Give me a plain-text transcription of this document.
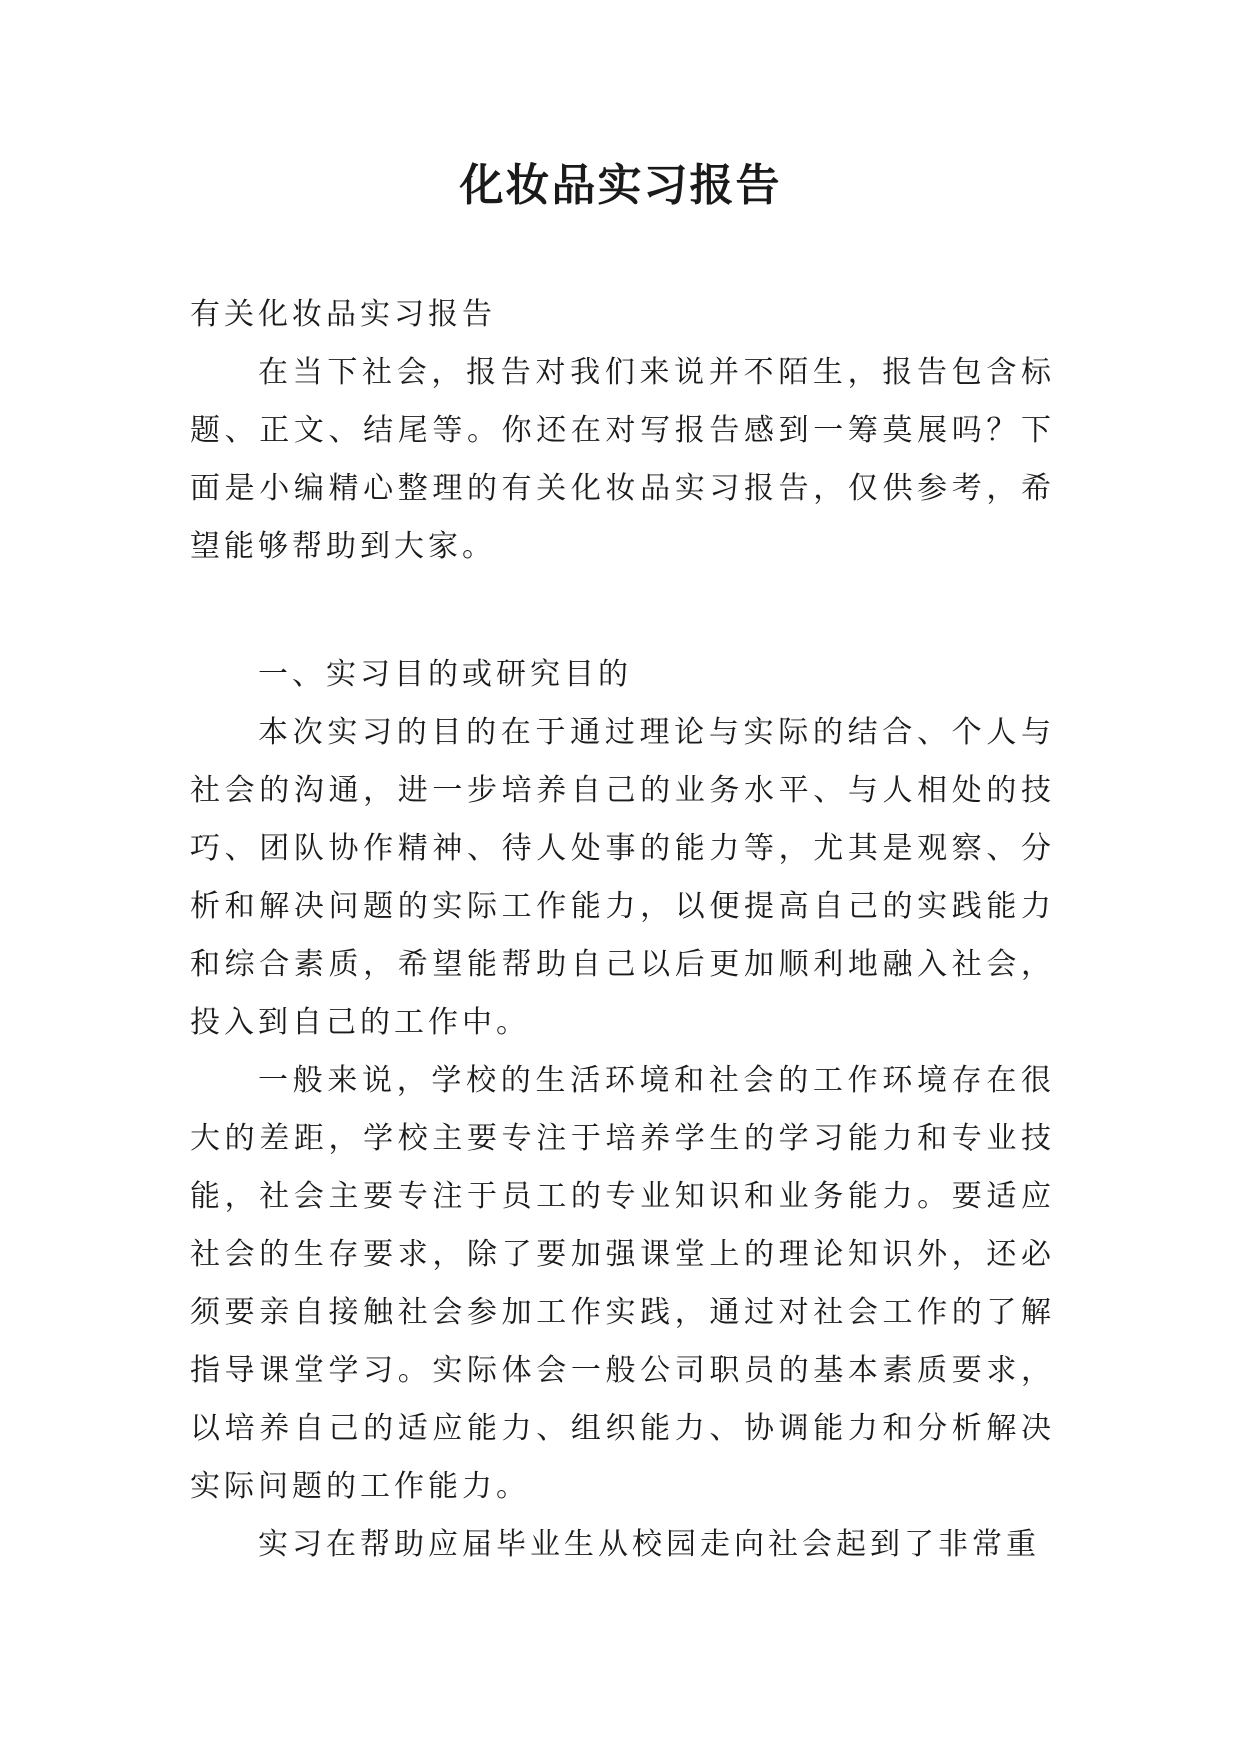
化妆品实习报告

有关化妆品实习报告

在当下社会，报告对我们来说并不陌生，报告包含标题、正文、结尾等。你还在对写报告感到一筹莫展吗？下面是小编精心整理的有关化妆品实习报告，仅供参考，希望能够帮助到大家。

一、实习目的或研究目的

本次实习的目的在于通过理论与实际的结合、个人与社会的沟通，进一步培养自己的业务水平、与人相处的技巧、团队协作精神、待人处事的能力等，尤其是观察、分析和解决问题的实际工作能力，以便提高自己的实践能力和综合素质，希望能帮助自己以后更加顺利地融入社会，投入到自己的工作中。

一般来说，学校的生活环境和社会的工作环境存在很大的差距，学校主要专注于培养学生的学习能力和专业技能，社会主要专注于员工的专业知识和业务能力。要适应社会的生存要求，除了要加强课堂上的理论知识外，还必须要亲自接触社会参加工作实践，通过对社会工作的了解指导课堂学习。实际体会一般公司职员的基本素质要求，以培养自己的适应能力、组织能力、协调能力和分析解决实际问题的工作能力。

实习在帮助应届毕业生从校园走向社会起到了非常重
